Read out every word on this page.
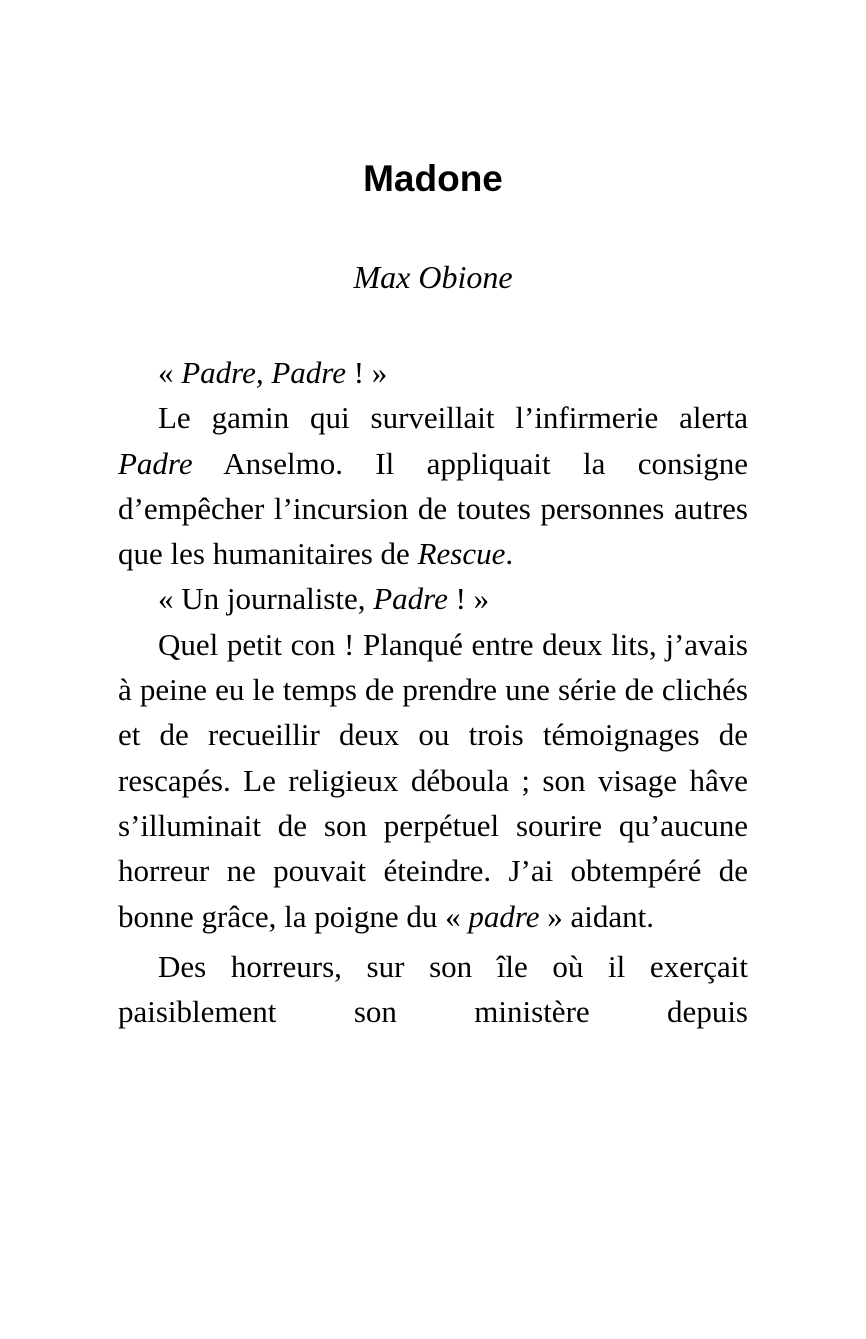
Madone
Max Obione

« Padre, Padre ! »

Le gamin qui surveillait l’infirmerie alerta Padre Anselmo. Il appliquait la consigne d’empêcher l’incursion de toutes personnes autres que les humanitaires de Rescue.

« Un journaliste, Padre ! »

Quel petit con ! Planqué entre deux lits, j’avais à peine eu le temps de prendre une série de clichés et de recueillir deux ou trois témoignages de rescapés. Le religieux déboula ; son visage hâve s’illuminait de son perpétuel sourire qu’aucune horreur ne pouvait éteindre. J’ai obtempéré de bonne grâce, la poigne du « padre » aidant.

Des horreurs, sur son île où il exerçait paisiblement son ministère depuis
